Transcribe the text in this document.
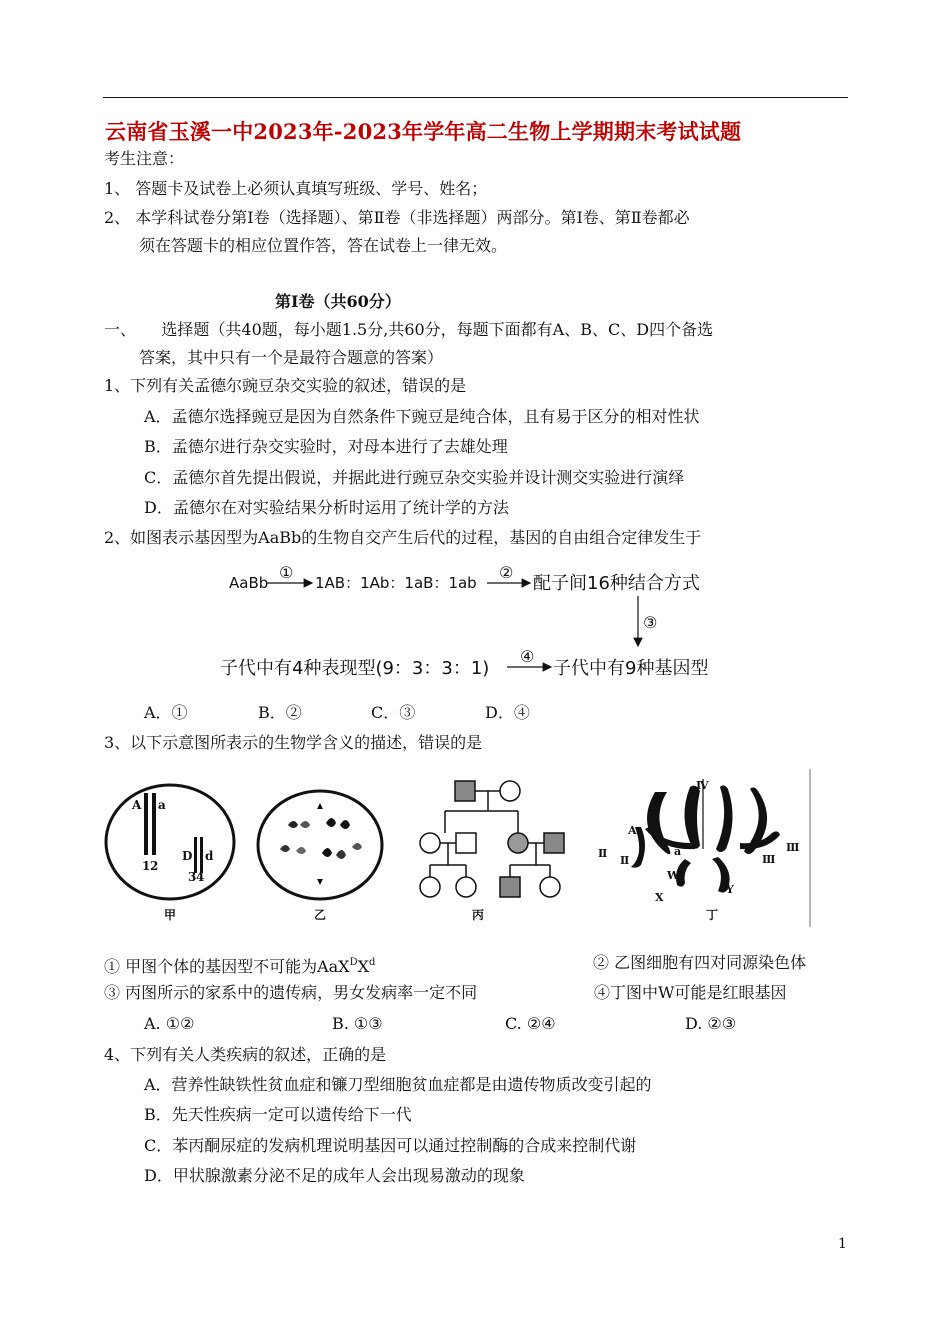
云南省玉溪一中2023年-2023年学年高二生物上学期期末考试试题
考生注意：
1、 答题卡及试卷上必须认真填写班级、学号、姓名；
2、 本学科试卷分第Ⅰ卷（选择题）、第Ⅱ卷（非选择题）两部分。第Ⅰ卷、第Ⅱ卷都必
须在答题卡的相应位置作答，答在试卷上一律无效。
第Ⅰ卷（共60分）
一、     选择题（共40题，每小题1.5分,共60分，每题下面都有A、B、C、D四个备选
答案，其中只有一个是最符合题意的答案）
1、下列有关孟德尔豌豆杂交实验的叙述，错误的是
A．孟德尔选择豌豆是因为自然条件下豌豆是纯合体，且有易于区分的相对性状
B．孟德尔进行杂交实验时，对母本进行了去雄处理
C．孟德尔首先提出假说，并据此进行豌豆杂交实验并设计测交实验进行演绎
D．孟德尔在对实验结果分析时运用了统计学的方法
2、如图表示基因型为AaBb的生物自交产生后代的过程，基因的自由组合定律发生于
AaBb
①
1AB：1Ab：1aB：1ab
②
配子间16种结合方式
③
子代中有4种表现型(9：3：3：1)
④
子代中有9种基因型
A．①	B．②	C．③	D．④
3、以下示意图所表示的生物学含义的描述，错误的是
A a
1 2
D d
3 4
甲	乙	丙
Ⅳ
Ⅱ
Ⅱ
A
a
Ⅲ
Ⅲ
W
X
Y
丁
① 甲图个体的基因型不可能为$AaX^DX^d$	② 乙图细胞有四对同源染色体
③ 丙图所示的家系中的遗传病，男女发病率一定不同	④丁图中W可能是红眼基因
A. ①②	B. ①③	C. ②④	D. ②③
4、下列有关人类疾病的叙述，正确的是
A．营养性缺铁性贫血症和镰刀型细胞贫血症都是由遗传物质改变引起的
B．先天性疾病一定可以遗传给下一代
C．苯丙酮尿症的发病机理说明基因可以通过控制酶的合成来控制代谢
D．甲状腺激素分泌不足的成年人会出现易激动的现象
1
